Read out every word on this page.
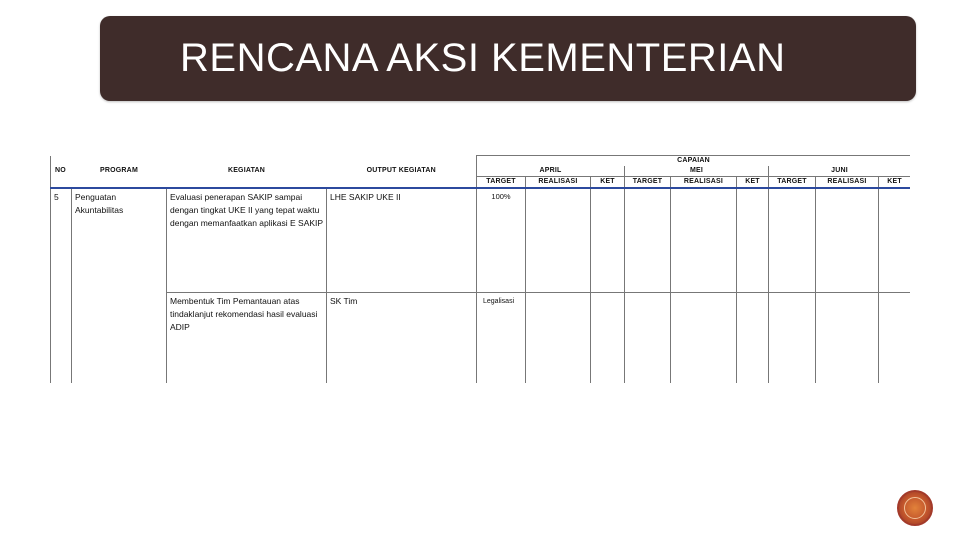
RENCANA AKSI KEMENTERIAN
				CAPAIAN								
NO	PROGRAM	KEGIATAN	OUTPUT KEGIATAN	APRIL			MEI			JUNI		
				TARGET	REALISASI	KET	TARGET	REALISASI	KET	TARGET	REALISASI	KET
5	Penguatan Akuntabilitas	Evaluasi penerapan SAKIP sampai dengan tingkat UKE II yang tepat waktu dengan memanfaatkan aplikasi E SAKIP	LHE SAKIP UKE II	100%								
		Membentuk Tim Pemantauan atas tindaklanjut rekomendasi hasil evaluasi ADIP	SK Tim	Legalisasi								
